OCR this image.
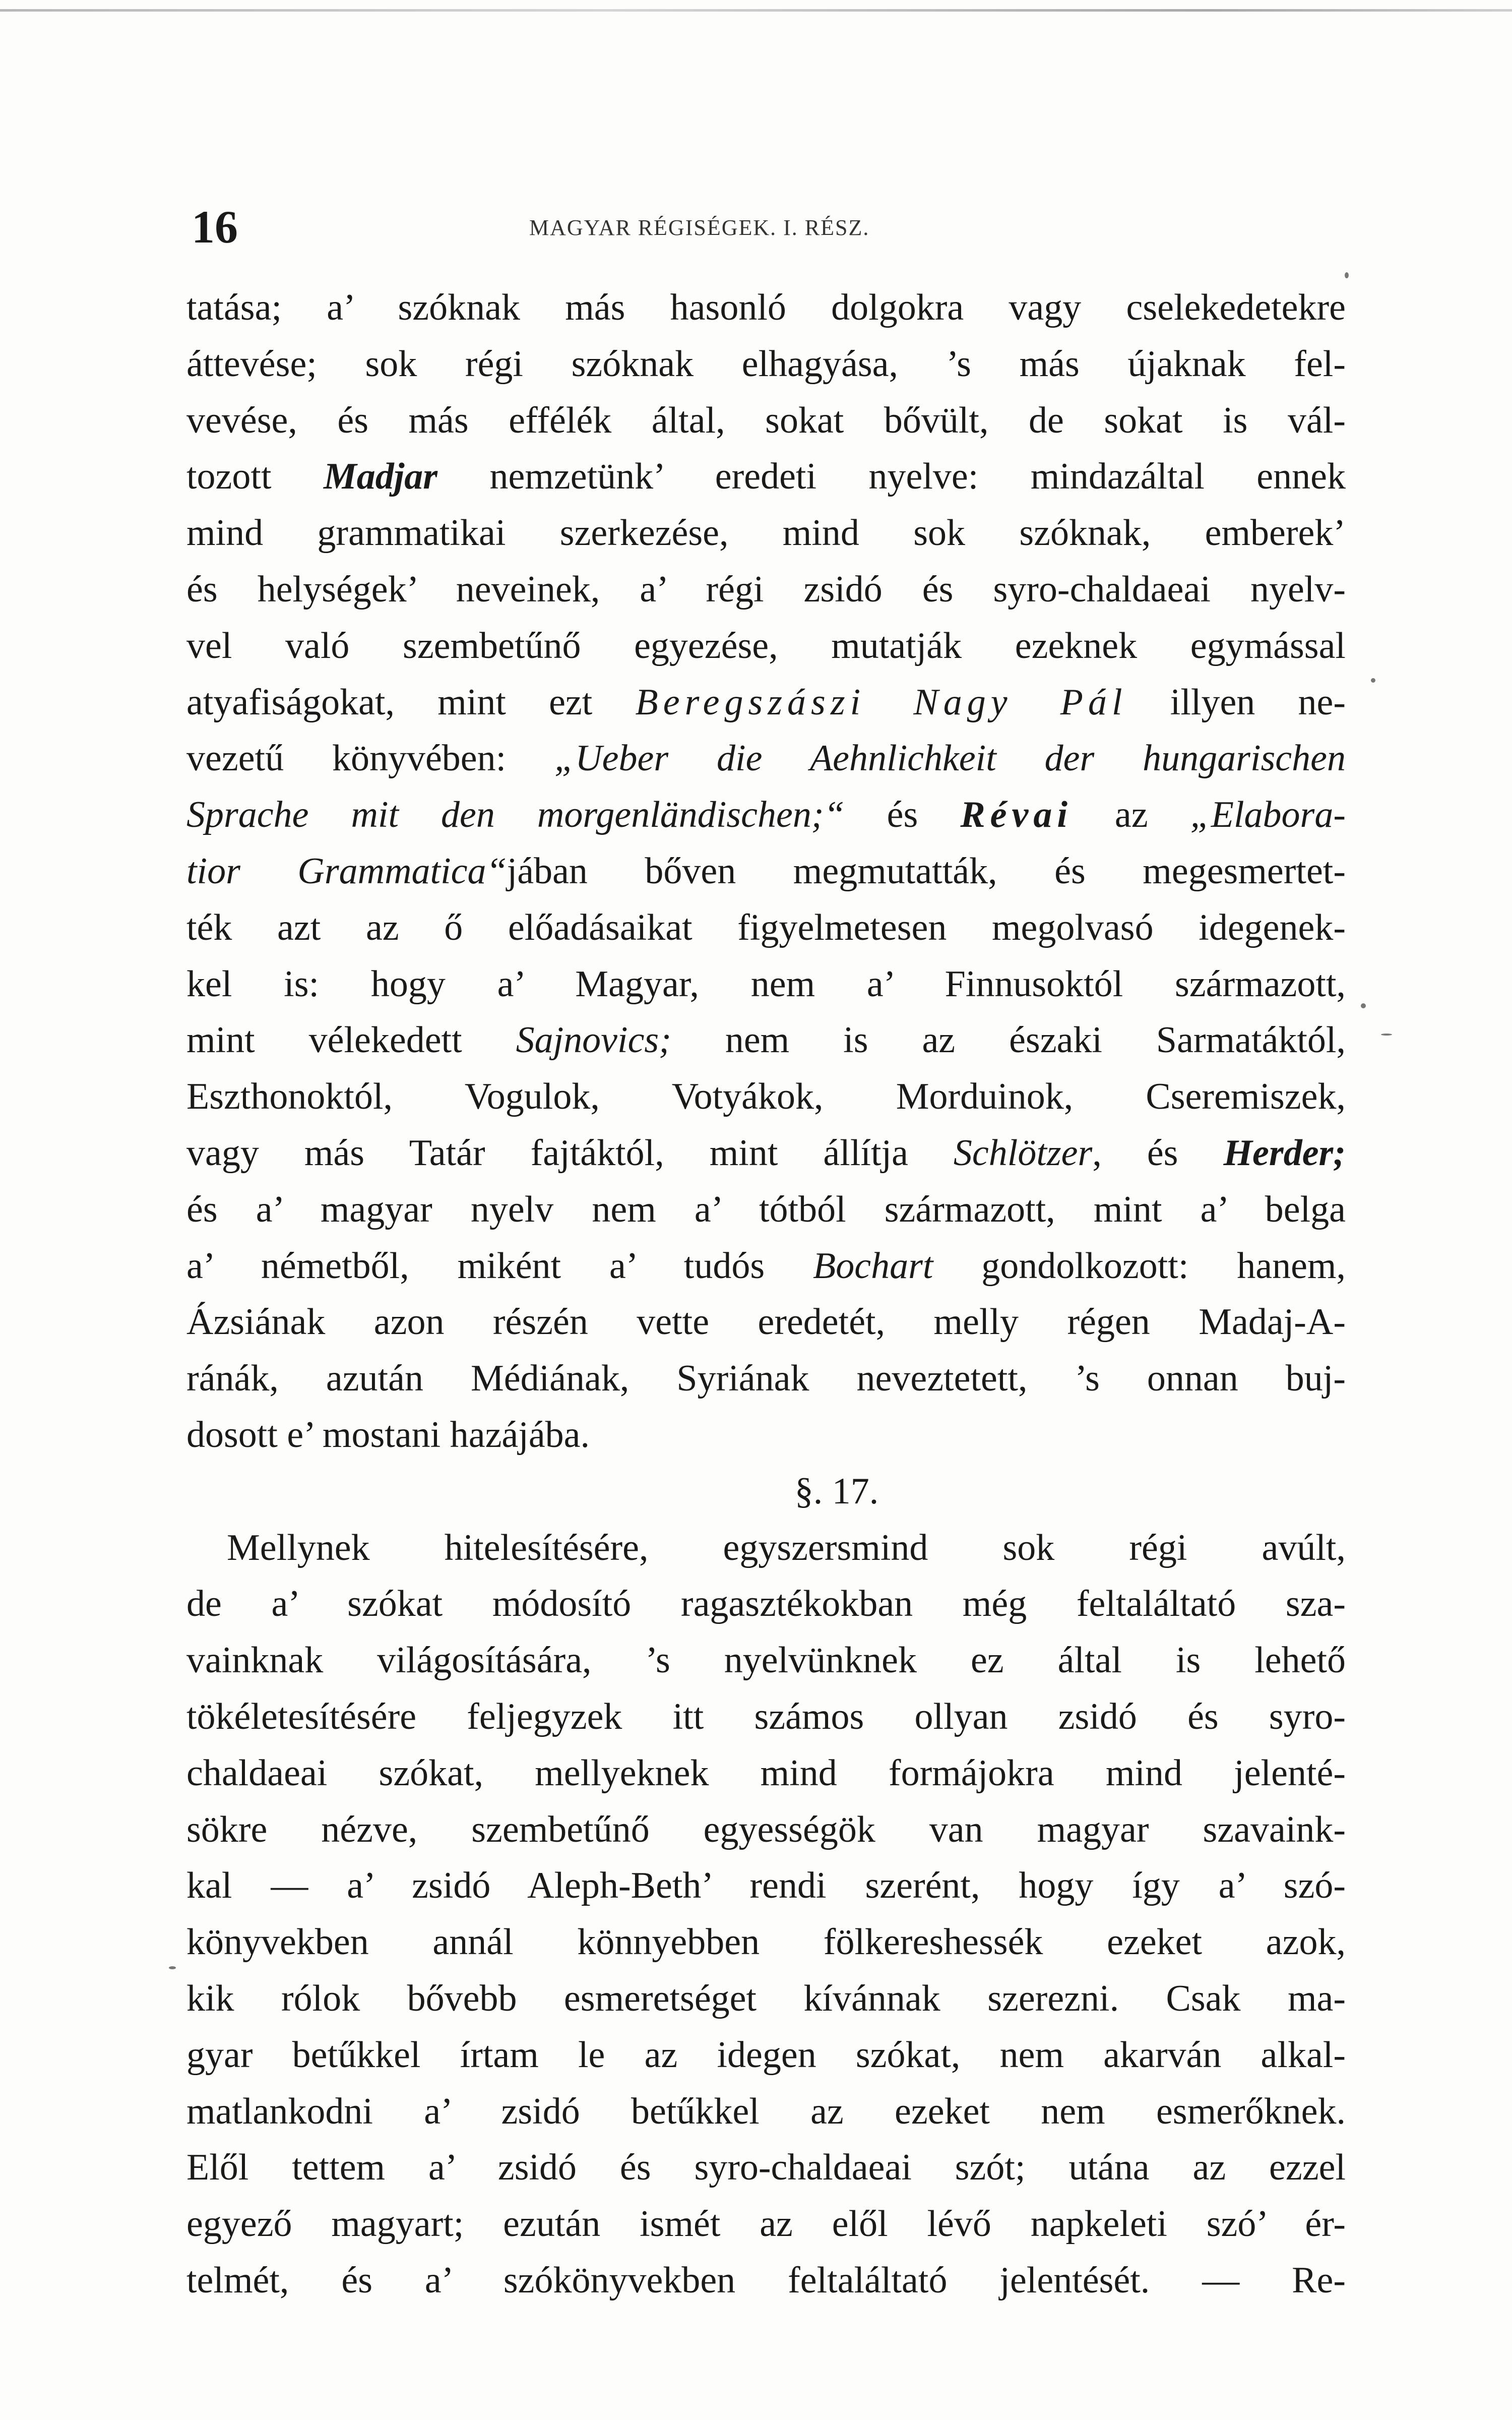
16	MAGYAR RÉGISÉGEK. I. RÉSZ.
tatása; a’ szóknak más hasonló dolgokra vagy cselekedetekre
áttevése; sok régi szóknak elhagyása, ’s más újaknak fel-
vevése, és más effélék által, sokat bővült, de sokat is vál-
tozott Madjar nemzetünk’ eredeti nyelve: mindazáltal ennek
mind grammatikai szerkezése, mind sok szóknak, emberek’
és helységek’ neveinek, a’ régi zsidó és syro-chaldaeai nyelv-
vel való szembetűnő egyezése, mutatják ezeknek egymással
atyafiságokat, mint ezt Beregszászi Nagy Pál illyen ne-
vezetű könyvében: „Ueber die Aehnlichkeit der hungarischen
Sprache mit den morgenländischen;“ és Révai az „Elabora-
tior Grammatica“jában bőven megmutatták, és megesmertet-
ték azt az ő előadásaikat figyelmetesen megolvasó idegenek-
kel is: hogy a’ Magyar, nem a’ Finnusoktól származott,
mint vélekedett Sajnovics; nem is az északi Sarmatáktól,
Eszthonoktól, Vogulok, Votyákok, Morduinok, Cseremiszek,
vagy más Tatár fajtáktól, mint állítja Schlötzer, és Herder;
és a’ magyar nyelv nem a’ tótból származott, mint a’ belga
a’ németből, miként a’ tudós Bochart gondolkozott: hanem,
Ázsiának azon részén vette eredetét, melly régen Madaj-A-
ránák, azután Médiának, Syriának neveztetett, ’s onnan buj-
dosott e’ mostani hazájába.
§. 17.
Mellynek hitelesítésére, egyszersmind sok régi avúlt,
de a’ szókat módosító ragasztékokban még feltaláltató sza-
vainknak világosítására, ’s nyelvünknek ez által is lehető
tökéletesítésére feljegyzek itt számos ollyan zsidó és syro-
chaldaeai szókat, mellyeknek mind formájokra mind jelenté-
sökre nézve, szembetűnő egyességök van magyar szavaink-
kal — a’ zsidó Aleph-Beth’ rendi szerént, hogy így a’ szó-
könyvekben annál könnyebben fölkereshessék ezeket azok,
kik rólok bővebb esmeretséget kívánnak szerezni. Csak ma-
gyar betűkkel írtam le az idegen szókat, nem akarván alkal-
matlankodni a’ zsidó betűkkel az ezeket nem esmerőknek.
Elől tettem a’ zsidó és syro-chaldaeai szót; utána az ezzel
egyező magyart; ezután ismét az elől lévő napkeleti szó’ ér-
telmét, és a’ szókönyvekben feltaláltató jelentését. — Re-
